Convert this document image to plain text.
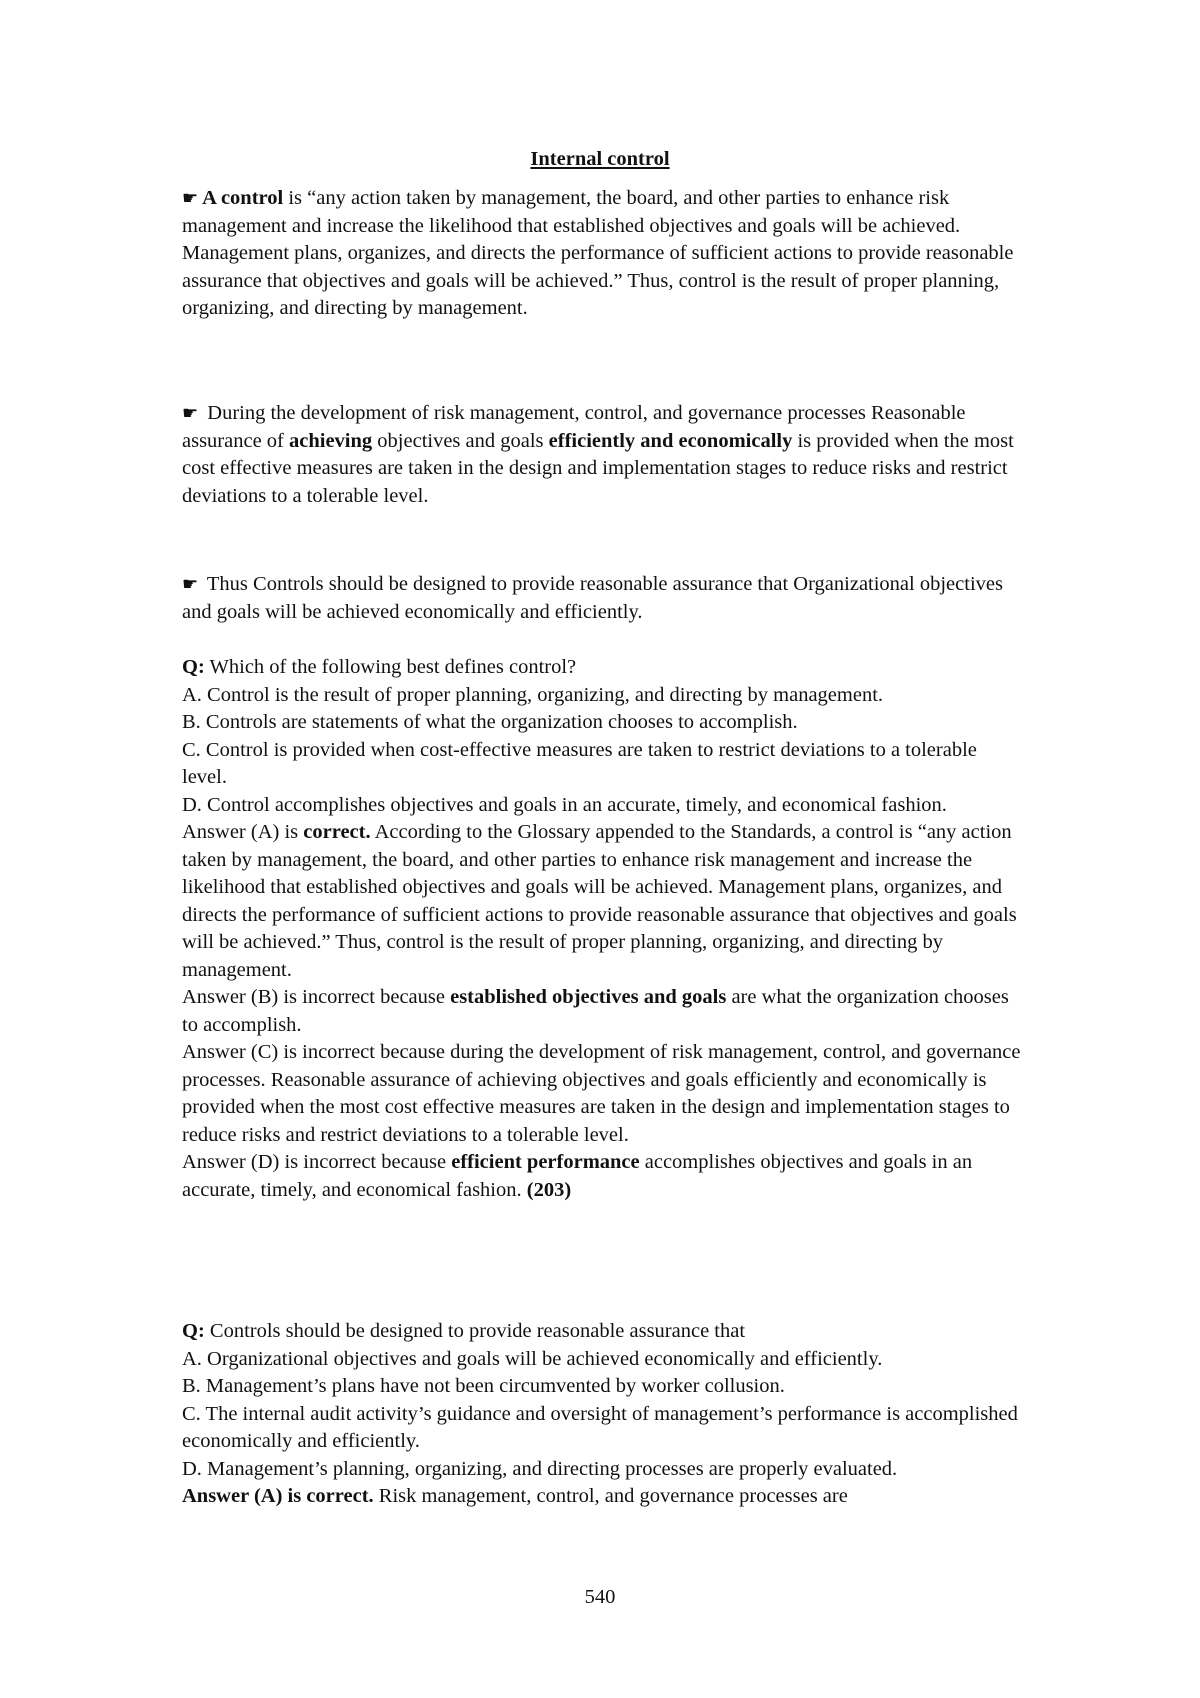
Internal control

☛ A control is “any action taken by management, the board, and other parties to enhance risk management and increase the likelihood that established objectives and goals will be achieved. Management plans, organizes, and directs the performance of sufficient actions to provide reasonable assurance that objectives and goals will be achieved.” Thus, control is the result of proper planning, organizing, and directing by management.

☛ During the development of risk management, control, and governance processes Reasonable assurance of achieving objectives and goals efficiently and economically is provided when the most cost effective measures are taken in the design and implementation stages to reduce risks and restrict deviations to a tolerable level.

☛ Thus Controls should be designed to provide reasonable assurance that Organizational objectives and goals will be achieved economically and efficiently.

Q: Which of the following best defines control?

A. Control is the result of proper planning, organizing, and directing by management.

B. Controls are statements of what the organization chooses to accomplish.

C. Control is provided when cost-effective measures are taken to restrict deviations to a tolerable level.

D. Control accomplishes objectives and goals in an accurate, timely, and economical fashion.

Answer (A) is correct. According to the Glossary appended to the Standards, a control is “any action taken by management, the board, and other parties to enhance risk management and increase the likelihood that established objectives and goals will be achieved. Management plans, organizes, and directs the performance of sufficient actions to provide reasonable assurance that objectives and goals will be achieved.” Thus, control is the result of proper planning, organizing, and directing by management.

Answer (B) is incorrect because established objectives and goals are what the organization chooses to accomplish.

Answer (C) is incorrect because during the development of risk management, control, and governance processes. Reasonable assurance of achieving objectives and goals efficiently and economically is provided when the most cost effective measures are taken in the design and implementation stages to reduce risks and restrict deviations to a tolerable level.

Answer (D) is incorrect because efficient performance accomplishes objectives and goals in an accurate, timely, and economical fashion. (203)

Q: Controls should be designed to provide reasonable assurance that

A. Organizational objectives and goals will be achieved economically and efficiently.

B. Management’s plans have not been circumvented by worker collusion.

C. The internal audit activity’s guidance and oversight of management’s performance is accomplished economically and efficiently.

D. Management’s planning, organizing, and directing processes are properly evaluated.

Answer (A) is correct. Risk management, control, and governance processes are

540
